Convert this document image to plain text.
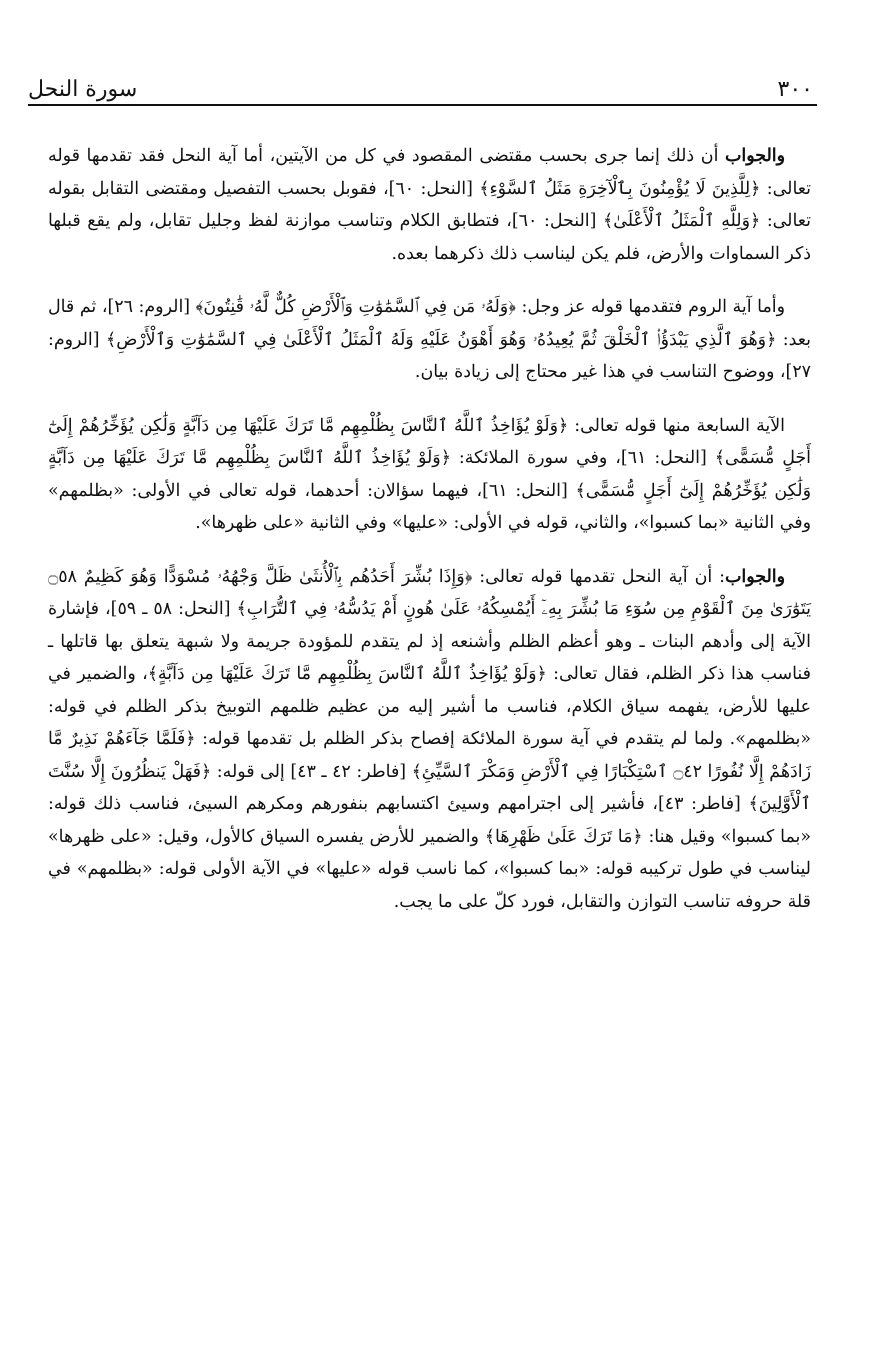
٣٠٠
سورة النحل

والجواب أن ذلك إنما جرى بحسب مقتضى المقصود في كل من الآيتين، أما آية النحل فقد تقدمها قوله تعالى: ﴿لِلَّذِينَ لَا يُؤْمِنُونَ بِٱلْآخِرَةِ مَثَلُ ٱلسَّوْءِ﴾ [النحل: ٦٠]، فقوبل بحسب التفصيل ومقتضى التقابل بقوله تعالى: ﴿وَلِلَّهِ ٱلْمَثَلُ ٱلْأَعْلَىٰ﴾ [النحل: ٦٠]، فتطابق الكلام وتناسب موازنة لفظ وجليل تقابل، ولم يقع قبلها ذكر السماوات والأرض، فلم يكن ليناسب ذلك ذكرهما بعده.

وأما آية الروم فتقدمها قوله عز وجل: ﴿وَلَهُۥ مَن فِي ٱلسَّمَٰوَٰتِ وَٱلْأَرْضِ كُلٌّ لَّهُۥ قَٰنِتُونَ﴾ [الروم: ٢٦]، ثم قال بعد: ﴿وَهُوَ ٱلَّذِي يَبْدَؤُا۟ ٱلْخَلْقَ ثُمَّ يُعِيدُهُۥ وَهُوَ أَهْوَنُ عَلَيْهِ وَلَهُ ٱلْمَثَلُ ٱلْأَعْلَىٰ فِي ٱلسَّمَٰوَٰتِ وَٱلْأَرْضِ﴾ [الروم: ٢٧]، ووضوح التناسب في هذا غير محتاج إلى زيادة بيان.

الآية السابعة منها قوله تعالى: ﴿وَلَوْ يُؤَاخِذُ ٱللَّهُ ٱلنَّاسَ بِظُلْمِهِم مَّا تَرَكَ عَلَيْهَا مِن دَآبَّةٍ وَلَٰكِن يُؤَخِّرُهُمْ إِلَىٰٓ أَجَلٍ مُّسَمًّى﴾ [النحل: ٦١]، وفي سورة الملائكة: ﴿وَلَوْ يُؤَاخِذُ ٱللَّهُ ٱلنَّاسَ بِظُلْمِهِم مَّا تَرَكَ عَلَيْهَا مِن دَآبَّةٍ وَلَٰكِن يُؤَخِّرُهُمْ إِلَىٰٓ أَجَلٍ مُّسَمًّى﴾ [النحل: ٦١]، فيهما سؤالان: أحدهما، قوله تعالى في الأولى: «بظلمهم» وفي الثانية «بما كسبوا»، والثاني، قوله في الأولى: «عليها» وفي الثانية «على ظهرها».

والجواب: أن آية النحل تقدمها قوله تعالى: ﴿وَإِذَا بُشِّرَ أَحَدُهُم بِٱلْأُنثَىٰ ظَلَّ وَجْهُهُۥ مُسْوَدًّا وَهُوَ كَظِيمٌ ۝٥٨ يَتَوَٰرَىٰ مِنَ ٱلْقَوْمِ مِن سُوٓءِ مَا بُشِّرَ بِهِۦٓ أَيُمْسِكُهُۥ عَلَىٰ هُونٍ أَمْ يَدُسُّهُۥ فِي ٱلتُّرَابِ﴾ [النحل: ٥٨ ـ ٥٩]، فإشارة الآية إلى وأدهم البنات ـ وهو أعظم الظلم وأشنعه إذ لم يتقدم للمؤودة جريمة ولا شبهة يتعلق بها قاتلها ـ فناسب هذا ذكر الظلم، فقال تعالى: ﴿وَلَوْ يُؤَاخِذُ ٱللَّهُ ٱلنَّاسَ بِظُلْمِهِم مَّا تَرَكَ عَلَيْهَا مِن دَآبَّةٍ﴾، والضمير في عليها للأرض، يفهمه سياق الكلام، فناسب ما أشير إليه من عظيم ظلمهم التوبيخ بذكر الظلم في قوله: «بظلمهم». ولما لم يتقدم في آية سورة الملائكة إفصاح بذكر الظلم بل تقدمها قوله: ﴿فَلَمَّا جَآءَهُمْ نَذِيرٌ مَّا زَادَهُمْ إِلَّا نُفُورًا ۝٤٢ ٱسْتِكْبَارًا فِي ٱلْأَرْضِ وَمَكْرَ ٱلسَّيِّئِ﴾ [فاطر: ٤٢ ـ ٤٣] إلى قوله: ﴿فَهَلْ يَنظُرُونَ إِلَّا سُنَّتَ ٱلْأَوَّلِينَ﴾ [فاطر: ٤٣]، فأشير إلى اجترامهم وسيئ اكتسابهم بنفورهم ومكرهم السيئ، فناسب ذلك قوله: «بما كسبوا» وقيل هنا: ﴿مَا تَرَكَ عَلَىٰ ظَهْرِهَا﴾ والضمير للأرض يفسره السياق كالأول، وقيل: «على ظهرها» ليناسب في طول تركيبه قوله: «بما كسبوا»، كما ناسب قوله «عليها» في الآية الأولى قوله: «بظلمهم» في قلة حروفه تناسب التوازن والتقابل، فورد كلّ على ما يجب.
